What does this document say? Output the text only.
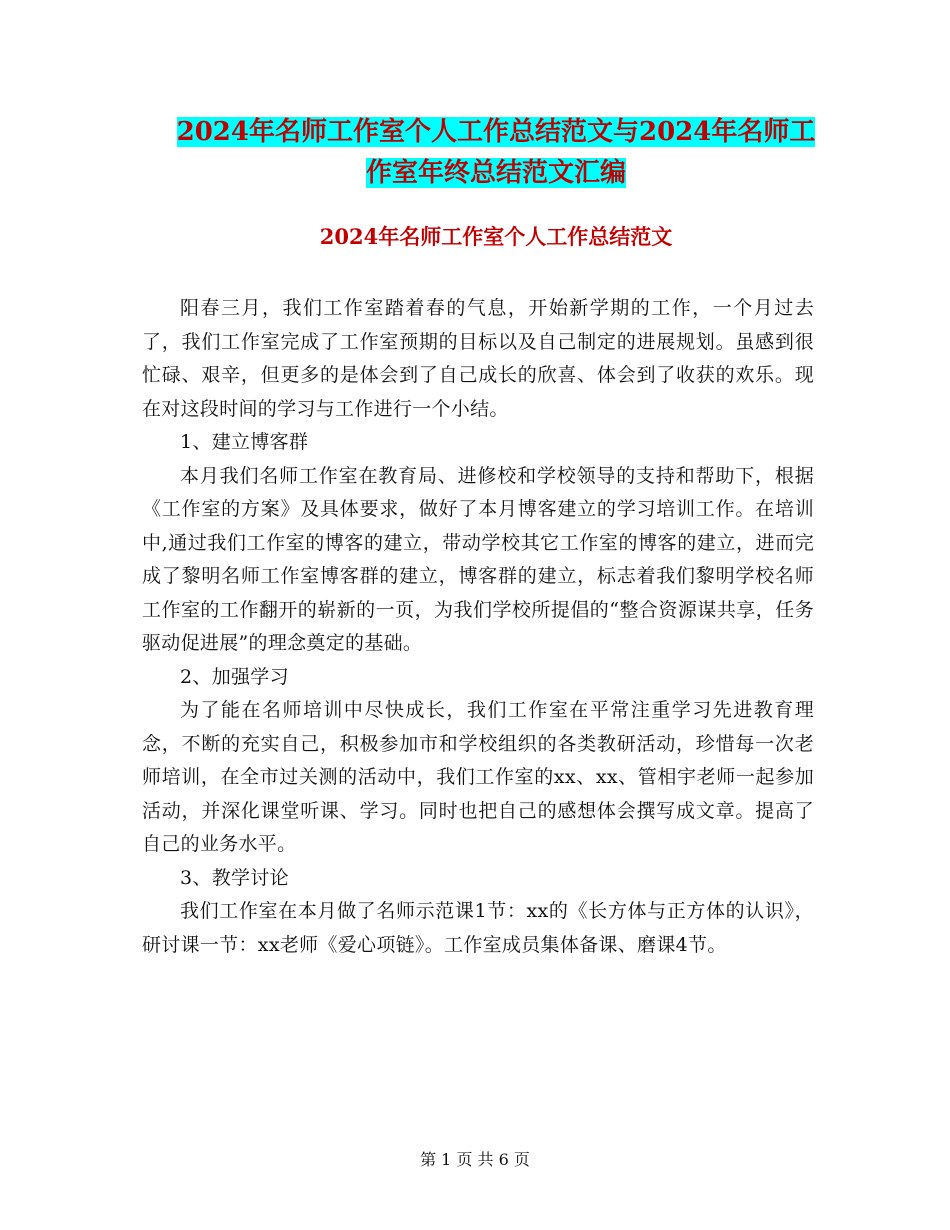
2024年名师工作室个人工作总结范文与2024年名师工
作室年终总结范文汇编
2024年名师工作室个人工作总结范文

阳春三月，我们工作室踏着春的气息，开始新学期的工作，一个月过去了，我们工作室完成了工作室预期的目标以及自己制定的进展规划。虽感到很忙碌、艰辛，但更多的是体会到了自己成长的欣喜、体会到了收获的欢乐。现在对这段时间的学习与工作进行一个小结。

1、建立博客群

本月我们名师工作室在教育局、进修校和学校领导的支持和帮助下，根据《工作室的方案》及具体要求，做好了本月博客建立的学习培训工作。在培训中,通过我们工作室的博客的建立，带动学校其它工作室的博客的建立，进而完成了黎明名师工作室博客群的建立，博客群的建立，标志着我们黎明学校名师工作室的工作翻开的崭新的一页，为我们学校所提倡的“整合资源谋共享，任务驱动促进展”的理念奠定的基础。

2、加强学习

为了能在名师培训中尽快成长，我们工作室在平常注重学习先进教育理念，不断的充实自己，积极参加市和学校组织的各类教研活动，珍惜每一次老师培训，在全市过关测的活动中，我们工作室的xx、xx、管相宇老师一起参加活动，并深化课堂听课、学习。同时也把自己的感想体会撰写成文章。提高了自己的业务水平。

3、教学讨论

我们工作室在本月做了名师示范课1节：xx的《长方体与正方体的认识》，研讨课一节：xx老师《爱心项链》。工作室成员集体备课、磨课4节。

第 1 页 共 6 页
